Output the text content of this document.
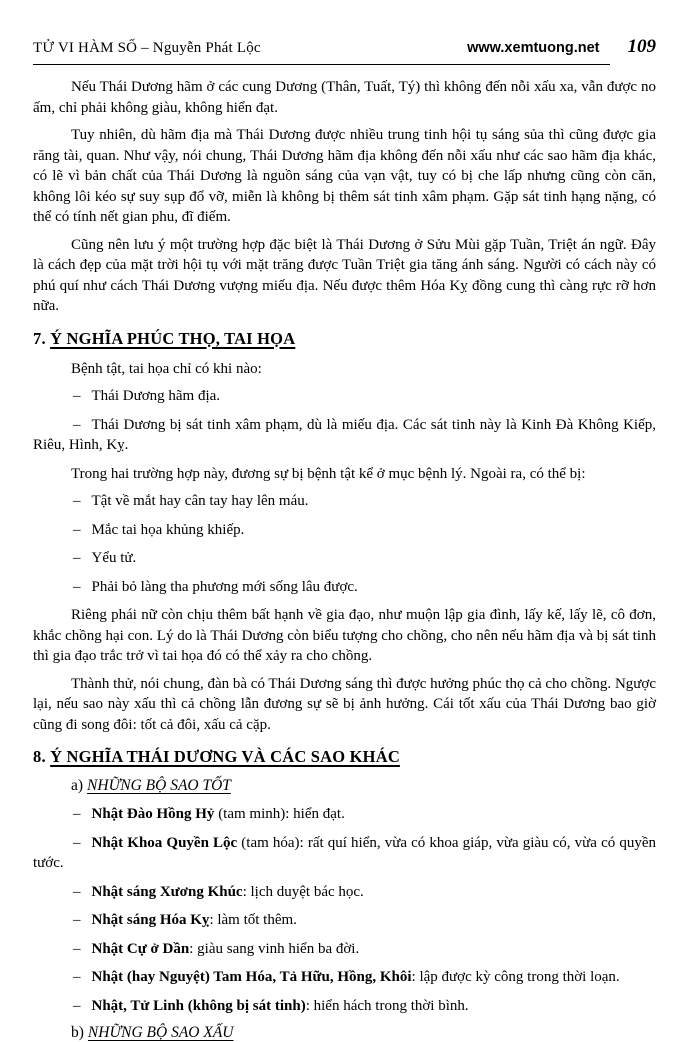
TỬ VI HÀM SỐ – Nguyễn Phát Lộc	www.xemtuong.net 109

Nếu Thái Dương hãm ở các cung Dương (Thân, Tuất, Tý) thì không đến nỗi xấu xa, vẫn được no ấm, chỉ phải không giàu, không hiển đạt.

Tuy nhiên, dù hãm địa mà Thái Dương được nhiều trung tinh hội tụ sáng sủa thì cũng được gia răng tài, quan. Như vậy, nói chung, Thái Dương hãm địa không đến nỗi xấu như các sao hãm địa khác, có lẽ vì bản chất của Thái Dương là nguồn sáng của vạn vật, tuy có bị che lấp nhưng cũng còn căn, không lôi kéo sự suy sụp đổ vỡ, miễn là không bị thêm sát tinh xâm phạm. Gặp sát tinh hạng nặng, có thể có tính nết gian phu, đĩ điếm.

Cũng nên lưu ý một trường hợp đặc biệt là Thái Dương ở Sửu Mùi gặp Tuần, Triệt án ngữ. Đây là cách đẹp của mặt trời hội tụ với mặt trăng được Tuần Triệt gia tăng ánh sáng. Người có cách này có phú quí như cách Thái Dương vượng miếu địa. Nếu được thêm Hóa Kỵ đồng cung thì càng rực rỡ hơn nữa.

7. Ý NGHĨA PHÚC THỌ, TAI HỌA

Bệnh tật, tai họa chỉ có khi nào:

– Thái Dương hãm địa.

– Thái Dương bị sát tinh xâm phạm, dù là miếu địa. Các sát tinh này là Kinh Đà Không Kiếp, Riêu, Hình, Kỵ.

Trong hai trường hợp này, đương sự bị bệnh tật kể ở mục bệnh lý. Ngoài ra, có thể bị:

– Tật về mắt hay cân tay hay lên máu.

– Mắc tai họa khủng khiếp.

– Yểu tử.

– Phải bỏ làng tha phương mới sống lâu được.

Riêng phái nữ còn chịu thêm bất hạnh về gia đạo, như muộn lập gia đình, lấy kế, lấy lẽ, cô đơn, khắc chồng hại con. Lý do là Thái Dương còn biểu tượng cho chồng, cho nên nếu hãm địa và bị sát tinh thì gia đạo trắc trở vì tai họa đó có thể xảy ra cho chồng.

Thành thử, nói chung, đàn bà có Thái Dương sáng thì được hưởng phúc thọ cả cho chồng. Ngược lại, nếu sao này xấu thì cả chồng lẫn đương sự sẽ bị ảnh hưởng. Cái tốt xấu của Thái Dương bao giờ cũng đi song đôi: tốt cả đôi, xấu cả cặp.

8. Ý NGHĨA THÁI DƯƠNG VÀ CÁC SAO KHÁC
a) NHỮNG BỘ SAO TỐT

– Nhật Đào Hồng Hỷ (tam minh): hiển đạt.

– Nhật Khoa Quyền Lộc (tam hóa): rất quí hiển, vừa có khoa giáp, vừa giàu có, vừa có quyền tước.

– Nhật sáng Xương Khúc: lịch duyệt bác học.

– Nhật sáng Hóa Kỵ: làm tốt thêm.

– Nhật Cự ở Dần: giàu sang vinh hiển ba đời.

– Nhật (hay Nguyệt) Tam Hóa, Tả Hữu, Hồng, Khôi: lập được kỳ công trong thời loạn.

– Nhật, Tử Linh (không bị sát tinh): hiển hách trong thời bình.

b) NHỮNG BỘ SAO XẤU
